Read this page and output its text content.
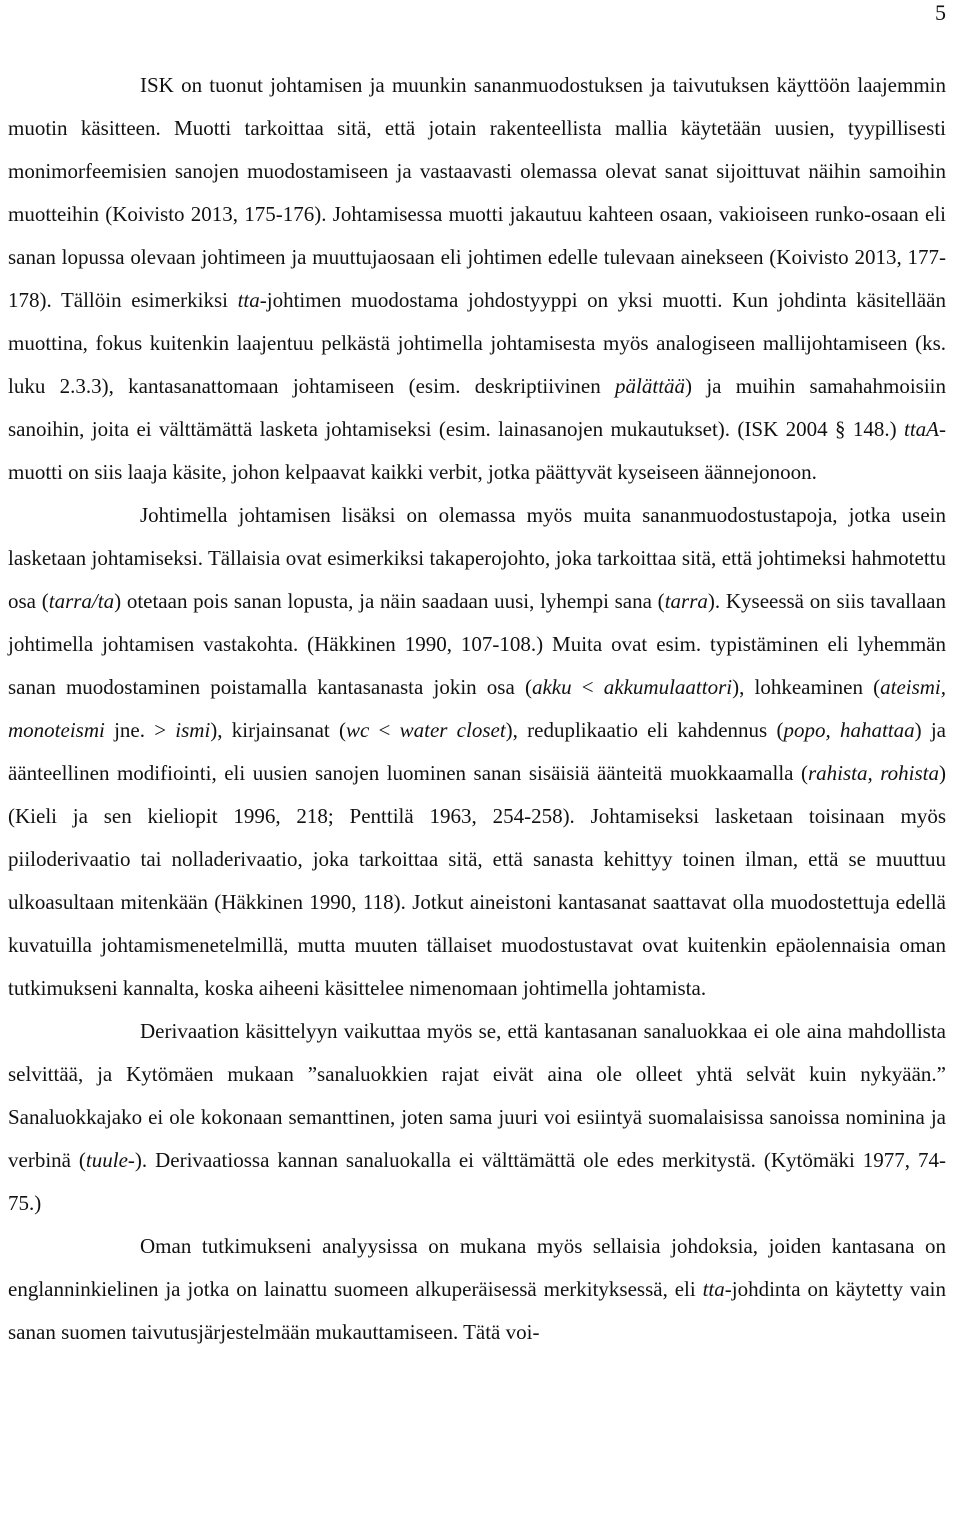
5

ISK on tuonut johtamisen ja muunkin sananmuodostuksen ja taivutuksen käyttöön laajemmin muotin käsitteen. Muotti tarkoittaa sitä, että jotain rakenteellista mallia käytetään uusien, tyypillisesti monimorfeemisien sanojen muodostamiseen ja vastaavasti olemassa olevat sanat sijoittuvat näihin samoihin muotteihin (Koivisto 2013, 175-176). Johtamisessa muotti jakautuu kahteen osaan, vakioiseen runko-osaan eli sanan lopussa olevaan johtimeen ja muuttujaosaan eli johtimen edelle tulevaan ainekseen (Koivisto 2013, 177-178). Tällöin esimerkiksi tta-johtimen muodostama johdostyyppi on yksi muotti. Kun johdinta käsitellään muottina, fokus kuitenkin laajentuu pelkästä johtimella johtamisesta myös analogiseen mallijohtamiseen (ks. luku 2.3.3), kantasanattomaan johtamiseen (esim. deskriptiivinen pälättää) ja muihin samahahmoisiin sanoihin, joita ei välttämättä lasketa johtamiseksi (esim. lainasanojen mukautukset). (ISK 2004 § 148.) ttaA-muotti on siis laaja käsite, johon kelpaavat kaikki verbit, jotka päättyvät kyseiseen äännejonoon.

Johtimella johtamisen lisäksi on olemassa myös muita sananmuodostustapoja, jotka usein lasketaan johtamiseksi. Tällaisia ovat esimerkiksi takaperojohto, joka tarkoittaa sitä, että johtimeksi hahmotettu osa (tarra/ta) otetaan pois sanan lopusta, ja näin saadaan uusi, lyhempi sana (tarra). Kyseessä on siis tavallaan johtimella johtamisen vastakohta. (Häkkinen 1990, 107-108.) Muita ovat esim. typistäminen eli lyhemmän sanan muodostaminen poistamalla kantasanasta jokin osa (akku < akkumulaattori), lohkeaminen (ateismi, monoteismi jne. > ismi), kirjainsanat (wc < water closet), reduplikaatio eli kahdennus (popo, hahattaa) ja äänteellinen modifiointi, eli uusien sanojen luominen sanan sisäisiä äänteitä muokkaamalla (rahista, rohista) (Kieli ja sen kieliopit 1996, 218; Penttilä 1963, 254-258). Johtamiseksi lasketaan toisinaan myös piiloderivaatio tai nolladerivaatio, joka tarkoittaa sitä, että sanasta kehittyy toinen ilman, että se muuttuu ulkoasultaan mitenkään (Häkkinen 1990, 118). Jotkut aineistoni kantasanat saattavat olla muodostettuja edellä kuvatuilla johtamismenetelmillä, mutta muuten tällaiset muodostustavat ovat kuitenkin epäolennaisia oman tutkimukseni kannalta, koska aiheeni käsittelee nimenomaan johtimella johtamista.

Derivaation käsittelyyn vaikuttaa myös se, että kantasanan sanaluokkaa ei ole aina mahdollista selvittää, ja Kytömäen mukaan ”sanaluokkien rajat eivät aina ole olleet yhtä selvät kuin nykyään.” Sanaluokkajako ei ole kokonaan semanttinen, joten sama juuri voi esiintyä suomalaisissa sanoissa nominina ja verbinä (tuule-). Derivaatiossa kannan sanaluokalla ei välttämättä ole edes merkitystä. (Kytömäki 1977, 74-75.)

Oman tutkimukseni analyysissa on mukana myös sellaisia johdoksia, joiden kantasana on englanninkielinen ja jotka on lainattu suomeen alkuperäisessä merkityksessä, eli tta-johdinta on käytetty vain sanan suomen taivutusjärjestelmään mukauttamiseen. Tätä voi-
